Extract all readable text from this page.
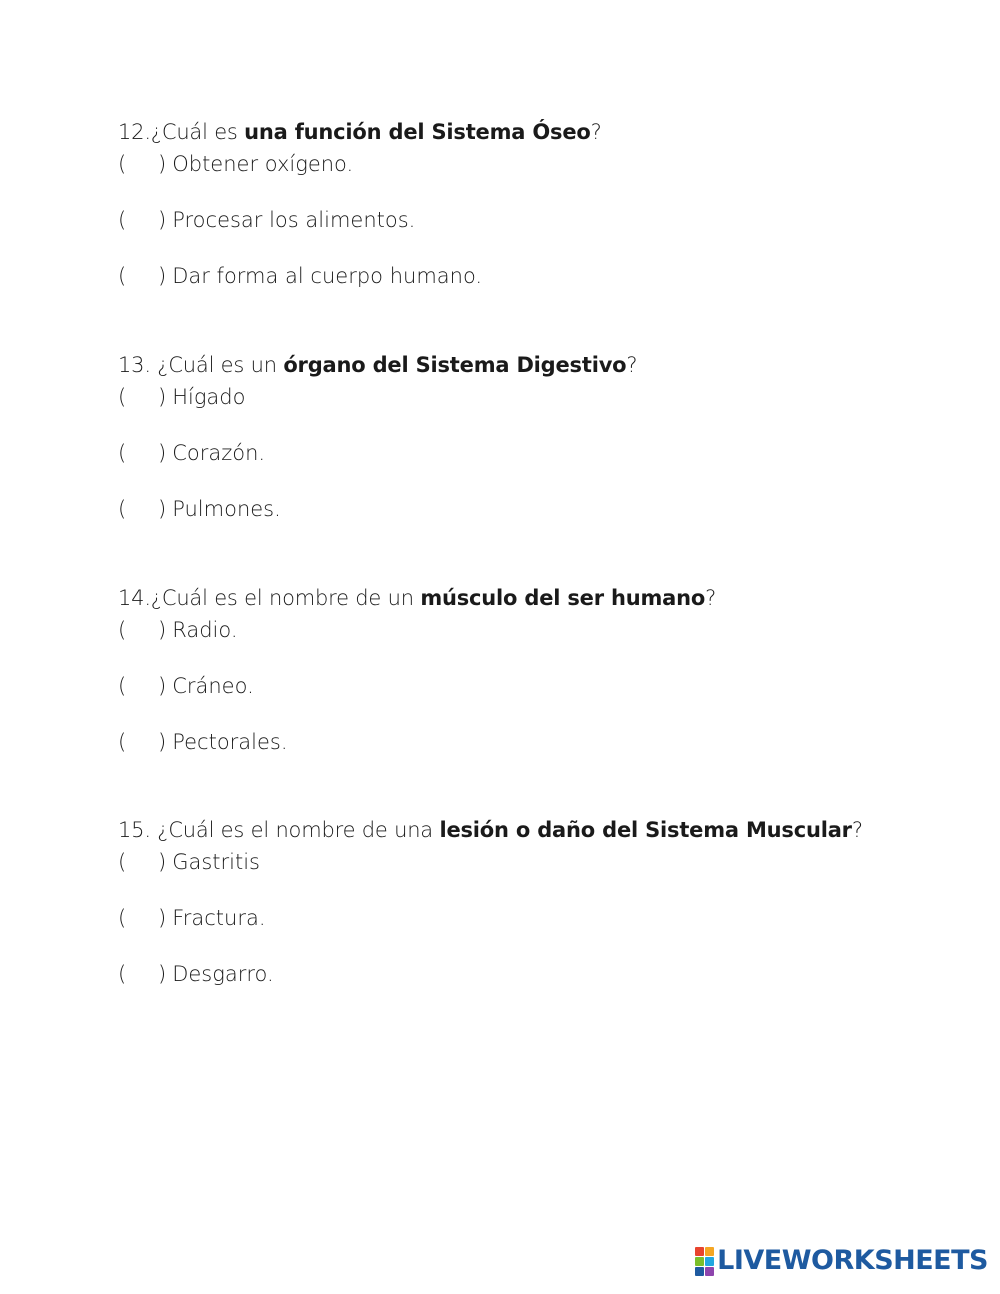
12.¿Cuál es una función del Sistema Óseo?
(	) Obtener oxígeno.
(	) Procesar los alimentos.
(	) Dar forma al cuerpo humano.
13. ¿Cuál es un órgano del Sistema Digestivo?
(	) Hígado
(	) Corazón.
(	) Pulmones.
14.¿Cuál es el nombre de un músculo del ser humano?
(	) Radio.
(	) Cráneo.
(	) Pectorales.
15. ¿Cuál es el nombre de una lesión o daño del Sistema Muscular?
(	) Gastritis
(	) Fractura.
(	) Desgarro.
LIVEWORKSHEETS
